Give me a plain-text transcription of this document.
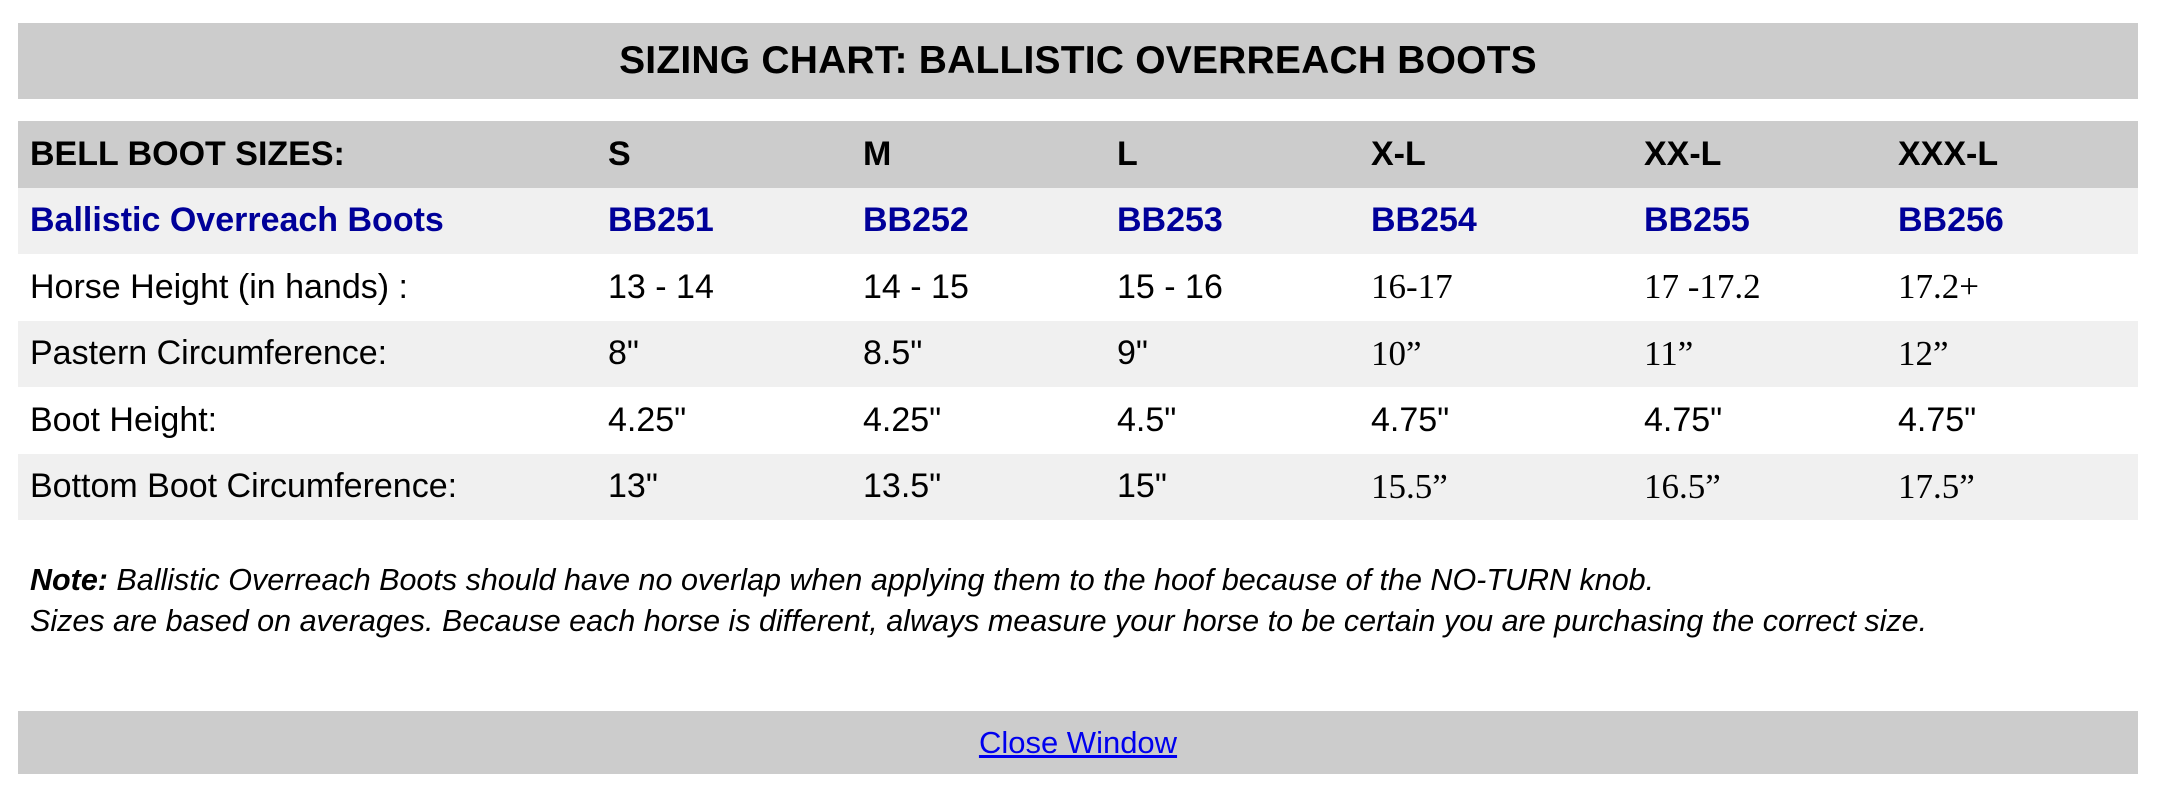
SIZING CHART: BALLISTIC OVERREACH BOOTS
BELL BOOT SIZES:	S	M	L	X-L	XX-L	XXX-L
Ballistic Overreach Boots	BB251	BB252	BB253	BB254	BB255	BB256
Horse Height (in hands) :	13 - 14	14 - 15	15 - 16	16-17	17 -17.2	17.2+
Pastern Circumference:	8"	8.5"	9"	10”	11”	12”
Boot Height:	4.25"	4.25"	4.5"	4.75"	4.75"	4.75"
Bottom Boot Circumference:	13"	13.5"	15"	15.5”	16.5”	17.5”
Note: Ballistic Overreach Boots should have no overlap when applying them to the hoof because of the NO-TURN knob.
Sizes are based on averages. Because each horse is different, always measure your horse to be certain you are purchasing the correct size.
Close Window
